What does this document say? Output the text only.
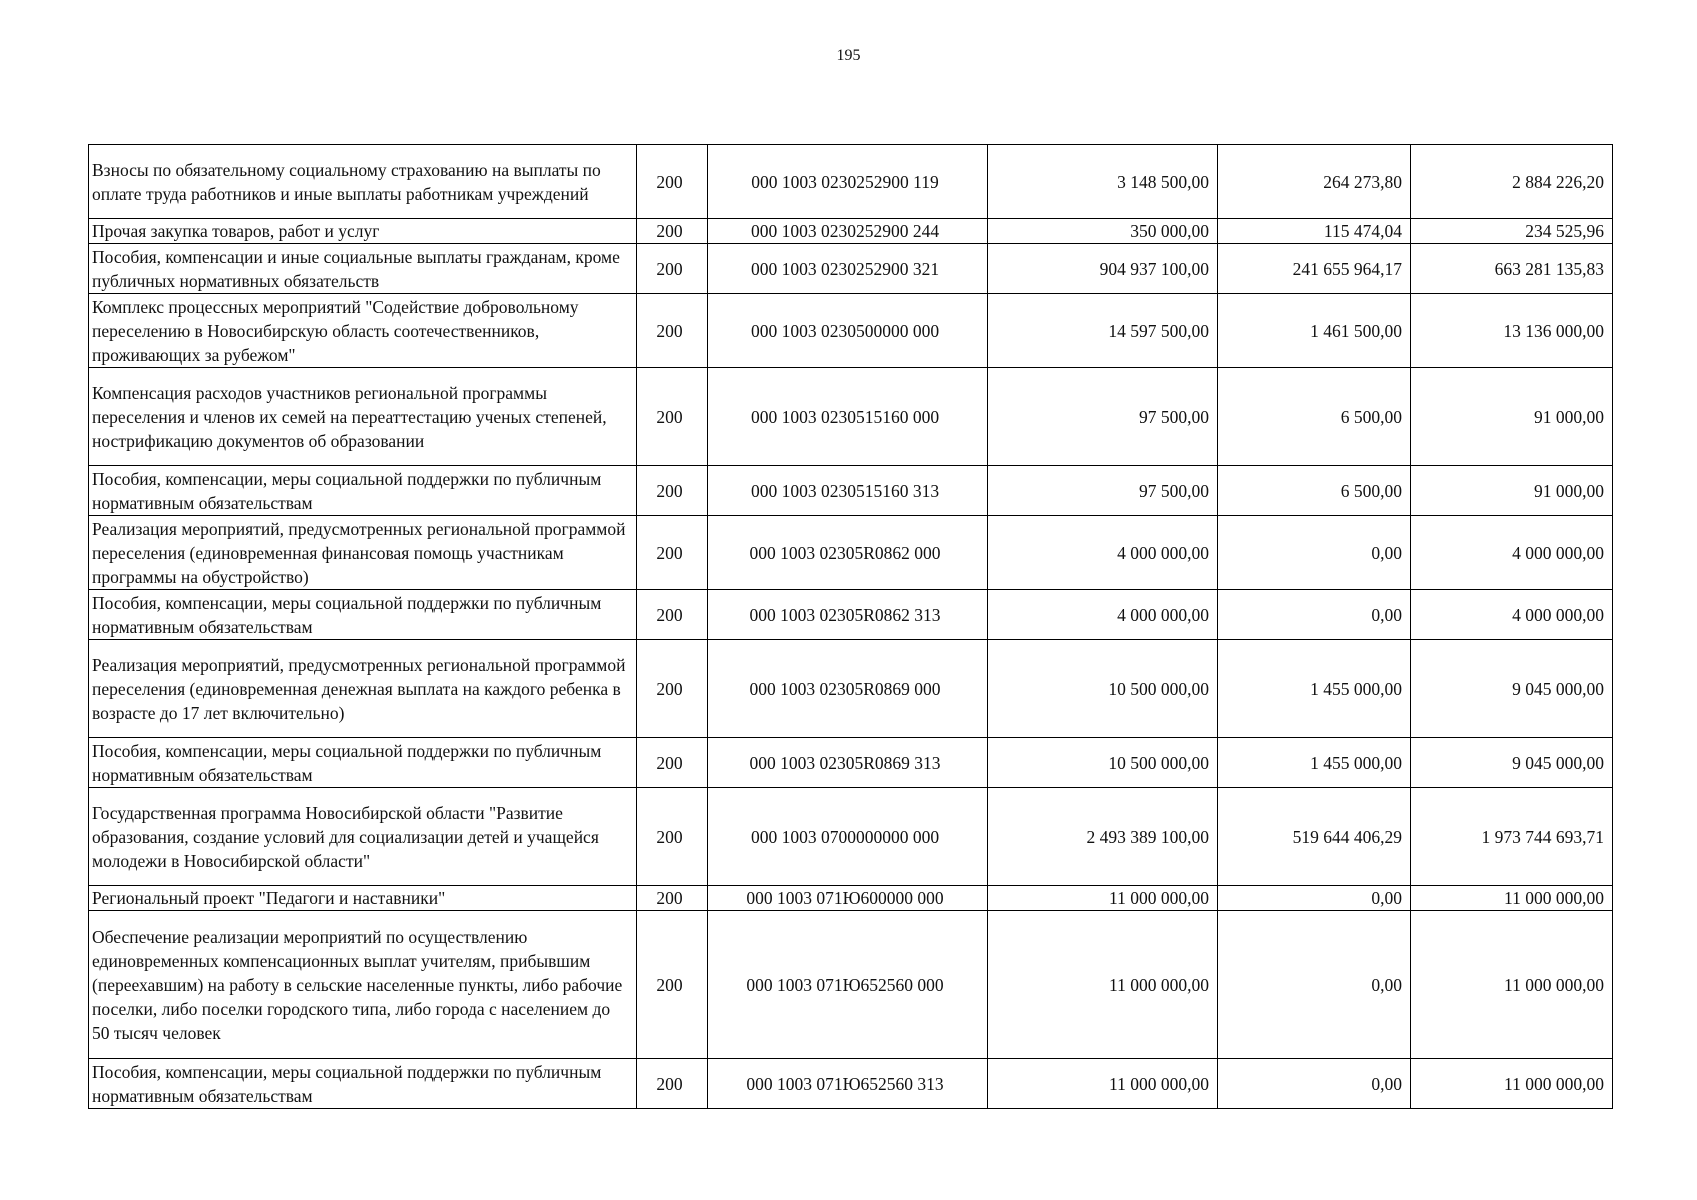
195
Взносы по обязательному социальному страхованию на выплаты по оплате труда работников и иные выплаты работникам учреждений	200	000 1003 0230252900 119	3 148 500,00	264 273,80	2 884 226,20
Прочая закупка товаров, работ и услуг	200	000 1003 0230252900 244	350 000,00	115 474,04	234 525,96
Пособия, компенсации и иные социальные выплаты гражданам, кроме публичных нормативных обязательств	200	000 1003 0230252900 321	904 937 100,00	241 655 964,17	663 281 135,83
Комплекс процессных мероприятий "Содействие добровольному переселению в Новосибирскую область соотечественников, проживающих за рубежом"	200	000 1003 0230500000 000	14 597 500,00	1 461 500,00	13 136 000,00
Компенсация расходов участников региональной программы переселения и членов их семей на переаттестацию ученых степеней, нострификацию документов об образовании	200	000 1003 0230515160 000	97 500,00	6 500,00	91 000,00
Пособия, компенсации, меры социальной поддержки по публичным нормативным обязательствам	200	000 1003 0230515160 313	97 500,00	6 500,00	91 000,00
Реализация мероприятий, предусмотренных региональной программой переселения (единовременная финансовая помощь участникам программы на обустройство)	200	000 1003 02305R0862 000	4 000 000,00	0,00	4 000 000,00
Пособия, компенсации, меры социальной поддержки по публичным нормативным обязательствам	200	000 1003 02305R0862 313	4 000 000,00	0,00	4 000 000,00
Реализация мероприятий, предусмотренных региональной программой переселения (единовременная денежная выплата на каждого ребенка в возрасте до 17 лет включительно)	200	000 1003 02305R0869 000	10 500 000,00	1 455 000,00	9 045 000,00
Пособия, компенсации, меры социальной поддержки по публичным нормативным обязательствам	200	000 1003 02305R0869 313	10 500 000,00	1 455 000,00	9 045 000,00
Государственная программа Новосибирской области "Развитие образования, создание условий для социализации детей и учащейся молодежи в Новосибирской области"	200	000 1003 0700000000 000	2 493 389 100,00	519 644 406,29	1 973 744 693,71
Региональный проект "Педагоги и наставники"	200	000 1003 071Ю600000 000	11 000 000,00	0,00	11 000 000,00
Обеспечение реализации мероприятий по осуществлению единовременных компенсационных выплат учителям, прибывшим (переехавшим) на работу в сельские населенные пункты, либо рабочие поселки, либо поселки городского типа, либо города с населением до 50 тысяч человек	200	000 1003 071Ю652560 000	11 000 000,00	0,00	11 000 000,00
Пособия, компенсации, меры социальной поддержки по публичным нормативным обязательствам	200	000 1003 071Ю652560 313	11 000 000,00	0,00	11 000 000,00
